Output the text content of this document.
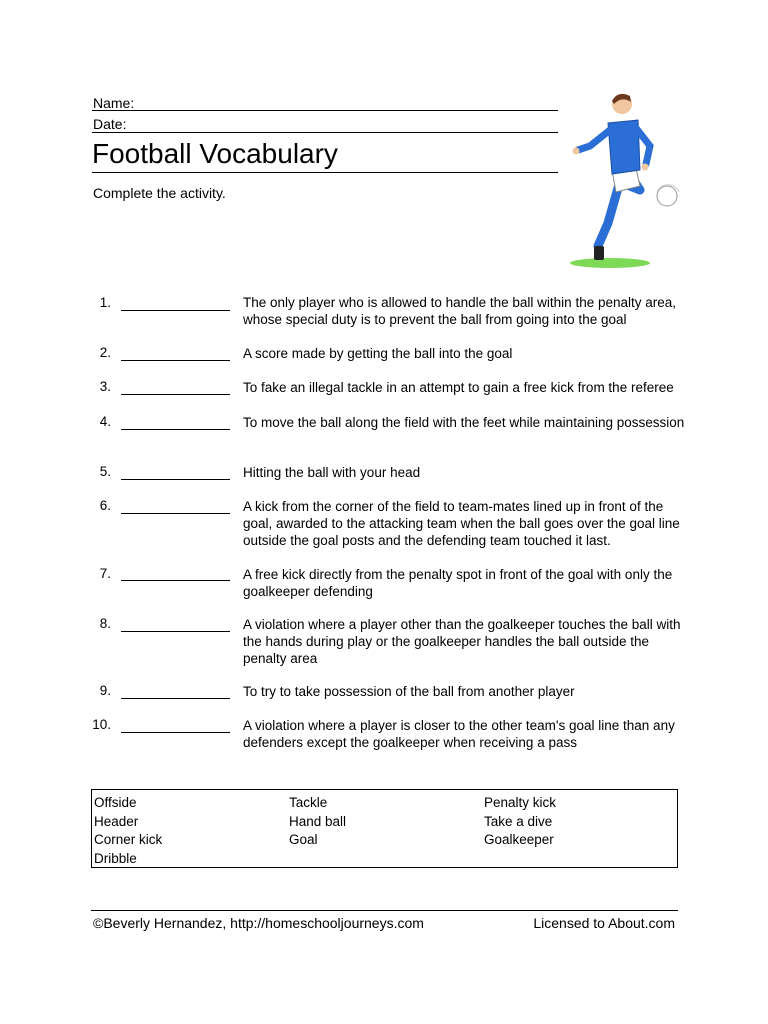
Name:
Date:
Football Vocabulary
Complete the activity.
1.	The only player who is allowed to handle the ball within the penalty area, whose special duty is to prevent the ball from going into the goal
2.	A score made by getting the ball into the goal
3.	To fake an illegal tackle in an attempt to gain a free kick from the referee
4.	To move the ball along the field with the feet while maintaining possession
5.	Hitting the ball with your head
6.	A kick from the corner of the field to team-mates lined up in front of the goal, awarded to the attacking team when the ball goes over the goal line outside the goal posts and the defending team touched it last.
7.	A free kick directly from the penalty spot in front of the goal with only the goalkeeper defending
8.	A violation where a player other than the goalkeeper touches the ball with the hands during play or the goalkeeper handles the ball outside the penalty area
9.	To try to take possession of the ball from another player
10.	A violation where a player is closer to the other team's goal line than any defenders except the goalkeeper when receiving a pass
Offside
Header
Corner kick
Dribble
Tackle
Hand ball
Goal
Penalty kick
Take a dive
Goalkeeper
©Beverly Hernandez, http://homeschooljourneys.com	Licensed to About.com
